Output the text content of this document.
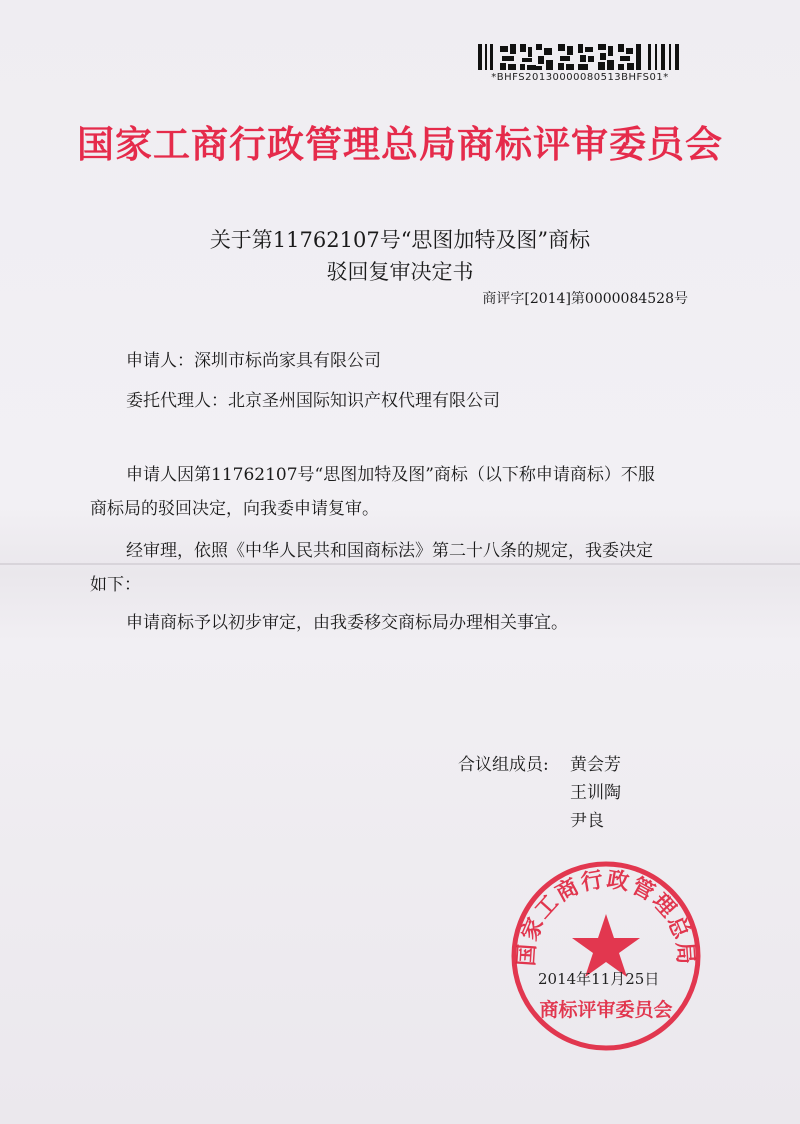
*BHFS20130000080513BHFS01*
国家工商行政管理总局商标评审委员会
关于第11762107号“思图加特及图”商标
驳回复审决定书
商评字[2014]第0000084528号
申请人：深圳市标尚家具有限公司
委托代理人：北京圣州国际知识产权代理有限公司
申请人因第11762107号“思图加特及图”商标（以下称申请商标）不服
商标局的驳回决定，向我委申请复审。
经审理，依照《中华人民共和国商标法》第二十八条的规定，我委决定
如下：
申请商标予以初步审定，由我委移交商标局办理相关事宜。
合议组成员: 黄会芳
王训陶
尹良
国家工商行政管理总局
商标评审委员会
2014年11月25日
